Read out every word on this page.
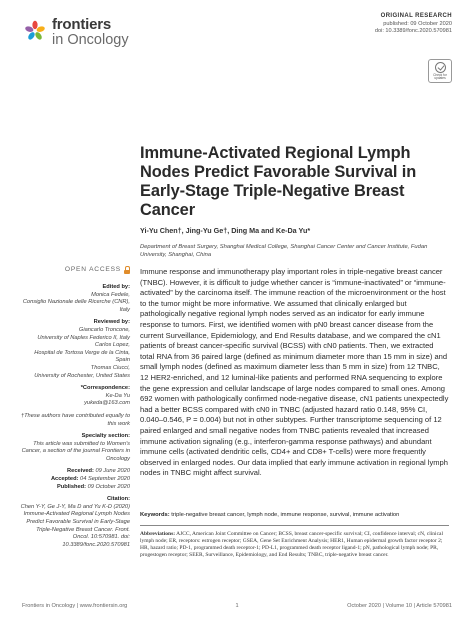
frontiers
in Oncology
ORIGINAL RESEARCH
published: 09 October 2020
doi: 10.3389/fonc.2020.570981
Check for updates
Immune-Activated Regional Lymph Nodes Predict Favorable Survival in Early-Stage Triple-Negative Breast Cancer
Yi-Yu Chen†, Jing-Yu Ge†, Ding Ma and Ke-Da Yu*
Department of Breast Surgery, Shanghai Medical College, Shanghai Cancer Center and Cancer Institute, Fudan University, Shanghai, China
OPEN ACCESS
Edited by:
Monica Fedele,
Consiglio Nazionale delle Ricerche (CNR), Italy
Reviewed by:
Giancarlo Troncone,
University of Naples Federico II, Italy
Carlos Lopez,
Hospital de Tortosa Verge de la Cinta, Spain
Thomas Ciucci,
University of Rochester, United States
*Correspondence:
Ke-Da Yu
yukeda@163.com
†These authors have contributed equally to this work
Specialty section:
This article was submitted to Women's Cancer, a section of the journal Frontiers in Oncology
Received: 09 June 2020
Accepted: 04 September 2020
Published: 09 October 2020
Citation:
Chen Y-Y, Ge J-Y, Ma D and Yu K-D (2020) Immune-Activated Regional Lymph Nodes Predict Favorable Survival in Early-Stage Triple-Negative Breast Cancer. Front. Oncol. 10:570981. doi: 10.3389/fonc.2020.570981

Immune response and immunotherapy play important roles in triple-negative breast cancer (TNBC). However, it is difficult to judge whether cancer is “immune-inactivated” or “immune-activated” by the carcinoma itself. The immune reaction of the microenvironment or the host to the tumor might be more informative. We assumed that clinically enlarged but pathologically negative regional lymph nodes served as an indicator for early immune response to tumors. First, we identified women with pN0 breast cancer disease from the current Surveillance, Epidemiology, and End Results database, and we compared the cN1 patients of breast cancer-specific survival (BCSS) with cN0 patients. Then, we extracted total RNA from 36 paired large (defined as minimum diameter more than 15 mm in size) and small lymph nodes (defined as maximum diameter less than 5 mm in size) from 12 TNBC, 12 HER2-enriched, and 12 luminal-like patients and performed RNA sequencing to explore the gene expression and cellular landscape of large nodes compared to small ones. Among 692 women with pathologically confirmed node-negative disease, cN1 patients unexpectedly had a better BCSS compared with cN0 in TNBC (adjusted hazard ratio 0.148, 95% CI, 0.040–0.546, P = 0.004) but not in other subtypes. Further transcriptome sequencing of 12 paired enlarged and small negative nodes from TNBC patients revealed that increased immune activation signaling (e.g., interferon-gamma response pathways) and abundant immune cells (activated dendritic cells, CD4+ and CD8+ T-cells) were more frequently observed in enlarged nodes. Our data implied that early immune activation in regional lymph nodes in TNBC might affect survival.

Keywords: triple-negative breast cancer, lymph node, immune response, survival, immune activation
Abbreviations: AJCC, American Joint Committee on Cancer; BCSS, breast cancer-specific survival; CI, confidence interval; cN, clinical lymph node; ER, receptors: estrogen receptor; GSEA, Gene Set Enrichment Analysis; HER1, Human epidermal growth factor receptor 2; HR, hazard ratio; PD-1, programmed death receptor-1; PD-L1, programmed death receptor ligand-1; pN, pathological lymph node; PR, progestogen receptor; SEER, Surveillance, Epidemiology, and End Results; TNBC, triple-negative breast cancer.
Frontiers in Oncology | www.frontiersin.org	1	October 2020 | Volume 10 | Article 570981
